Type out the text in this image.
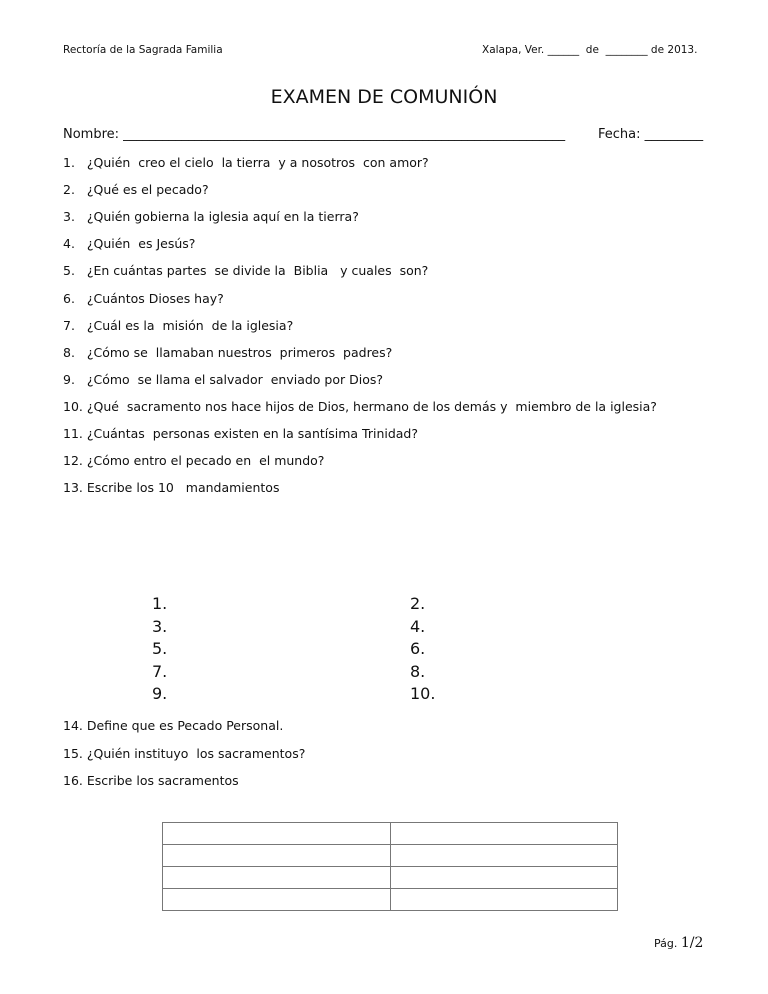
Rectoría de la Sagrada Familia	Xalapa, Ver. ______  de  ________ de 2013.
EXAMEN DE COMUNIÓN
Nombre: ____________________________________________________________________	Fecha: _________
1.   ¿Quién  creo el cielo  la tierra  y a nosotros  con amor?
2.   ¿Qué es el pecado?
3.   ¿Quién gobierna la iglesia aquí en la tierra?
4.   ¿Quién  es Jesús?
5.   ¿En cuántas partes  se divide la  Biblia   y cuales  son?
6.   ¿Cuántos Dioses hay?
7.   ¿Cuál es la  misión  de la iglesia?
8.   ¿Cómo se  llamaban nuestros  primeros  padres?
9.   ¿Cómo  se llama el salvador  enviado por Dios?
10. ¿Qué  sacramento nos hace hijos de Dios, hermano de los demás y  miembro de la iglesia?
11. ¿Cuántas  personas existen en la santísima Trinidad?
12. ¿Cómo entro el pecado en  el mundo?
13. Escribe los 10   mandamientos
1.	2.
3.	4.
5.	6.
7.	8.
9.	10.
14. Define que es Pecado Personal.
15. ¿Quién instituyo  los sacramentos?
16. Escribe los sacramentos

Pág. 1/2
